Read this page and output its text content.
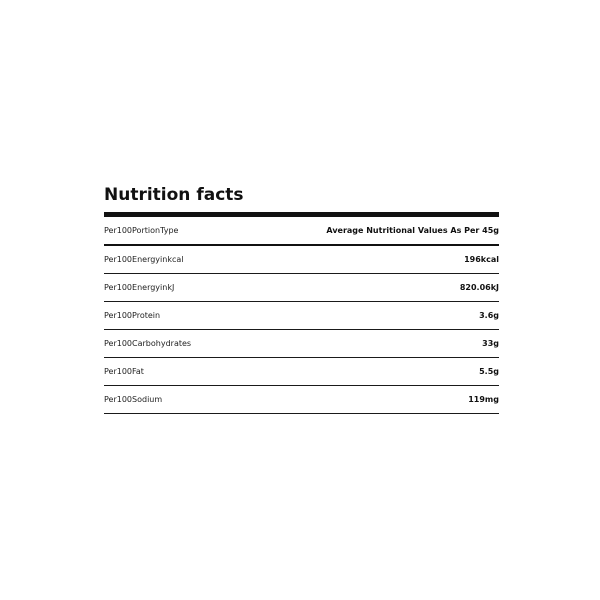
Nutrition facts
Per100PortionType	Average Nutritional Values As Per 45g
Per100Energyinkcal	196kcal
Per100EnergyinkJ	820.06kJ
Per100Protein	3.6g
Per100Carbohydrates	33g
Per100Fat	5.5g
Per100Sodium	119mg
